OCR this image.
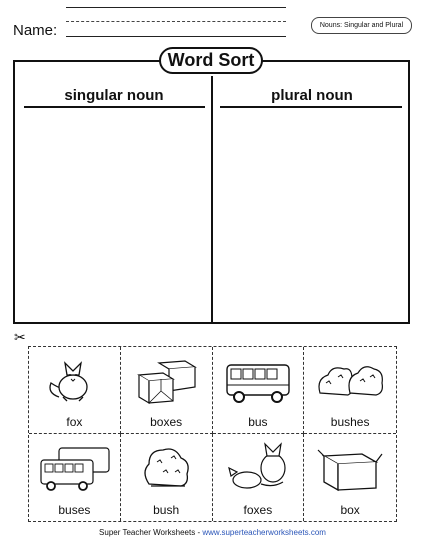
Name:	Nouns: Singular and Plural
Word Sort
singular noun	plural noun
✂
fox	boxes	bus	bushes
buses	bush	foxes	box
Super Teacher Worksheets - www.superteacherworksheets.com
